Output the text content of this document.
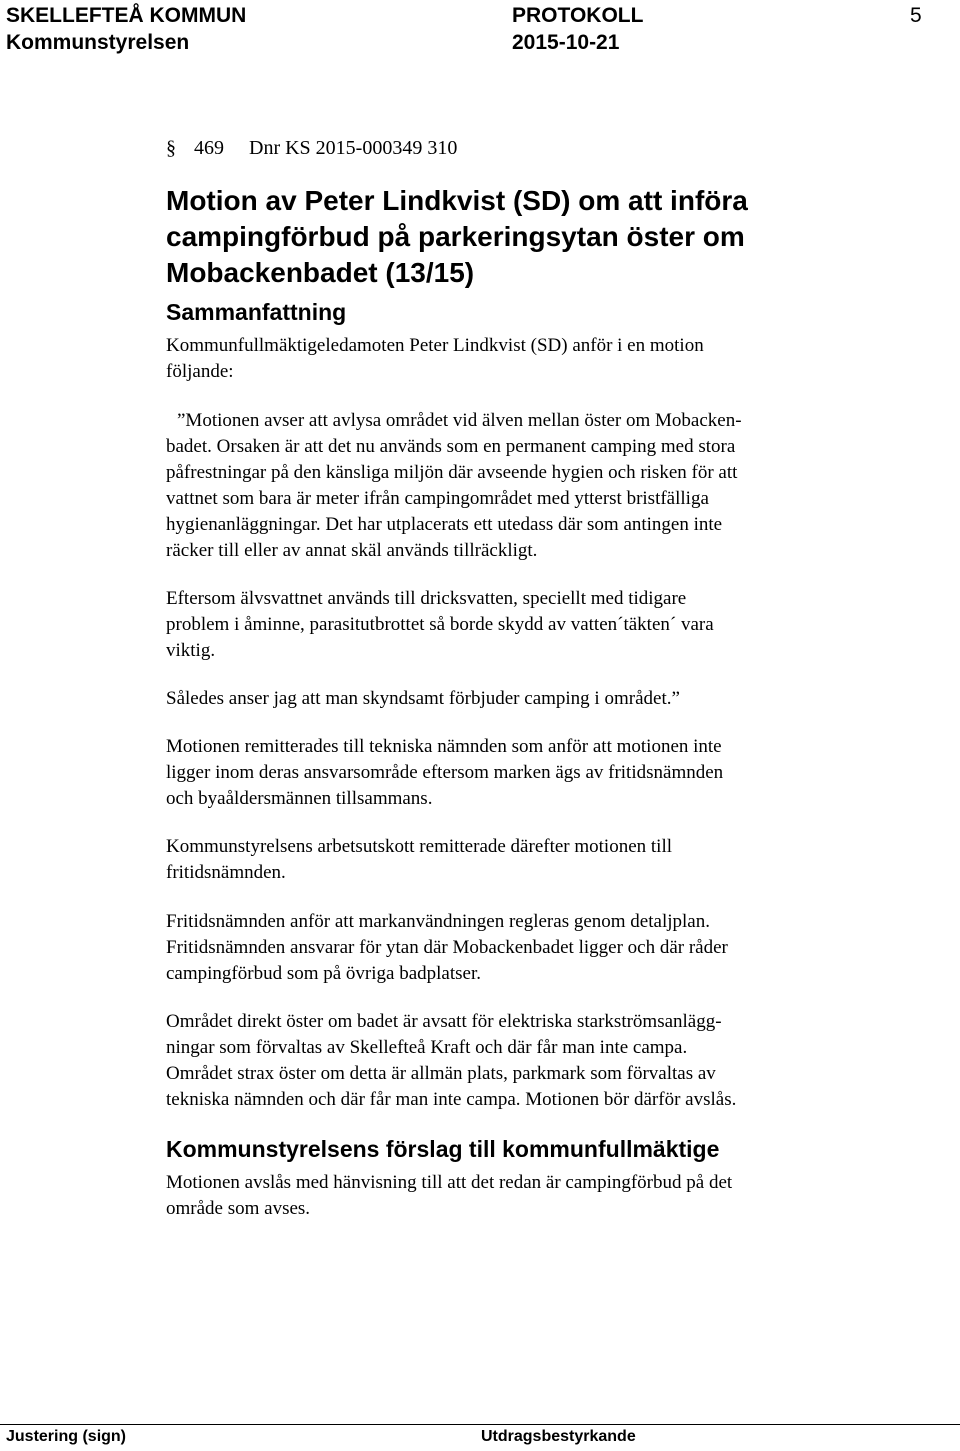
SKELLEFTEÅ KOMMUN
Kommunstyrelsen
PROTOKOLL
2015-10-21
5
§ 469 Dnr KS 2015-000349 310
Motion av Peter Lindkvist (SD) om att införa
campingförbud på parkeringsytan öster om
Mobackenbadet (13/15)
Sammanfattning
Kommunfullmäktigeledamoten Peter Lindkvist (SD) anför i en motion
följande:
”Motionen avser att avlysa området vid älven mellan öster om Mobacken-
badet. Orsaken är att det nu används som en permanent camping med stora
påfrestningar på den känsliga miljön där avseende hygien och risken för att
vattnet som bara är meter ifrån campingområdet med ytterst bristfälliga
hygienanläggningar. Det har utplacerats ett utedass där som antingen inte
räcker till eller av annat skäl används tillräckligt.
Eftersom älvsvattnet används till dricksvatten, speciellt med tidigare
problem i åminne, parasitutbrottet så borde skydd av vatten´täkten´ vara
viktig.
Således anser jag att man skyndsamt förbjuder camping i området.”
Motionen remitterades till tekniska nämnden som anför att motionen inte
ligger inom deras ansvarsområde eftersom marken ägs av fritidsnämnden
och byaåldersmännen tillsammans.
Kommunstyrelsens arbetsutskott remitterade därefter motionen till
fritidsnämnden.
Fritidsnämnden anför att markanvändningen regleras genom detaljplan.
Fritidsnämnden ansvarar för ytan där Mobackenbadet ligger och där råder
campingförbud som på övriga badplatser.
Området direkt öster om badet är avsatt för elektriska starkströmsanlägg-
ningar som förvaltas av Skellefteå Kraft och där får man inte campa.
Området strax öster om detta är allmän plats, parkmark som förvaltas av
tekniska nämnden och där får man inte campa. Motionen bör därför avslås.
Kommunstyrelsens förslag till kommunfullmäktige
Motionen avslås med hänvisning till att det redan är campingförbud på det
område som avses.
Justering (sign)	Utdragsbestyrkande
